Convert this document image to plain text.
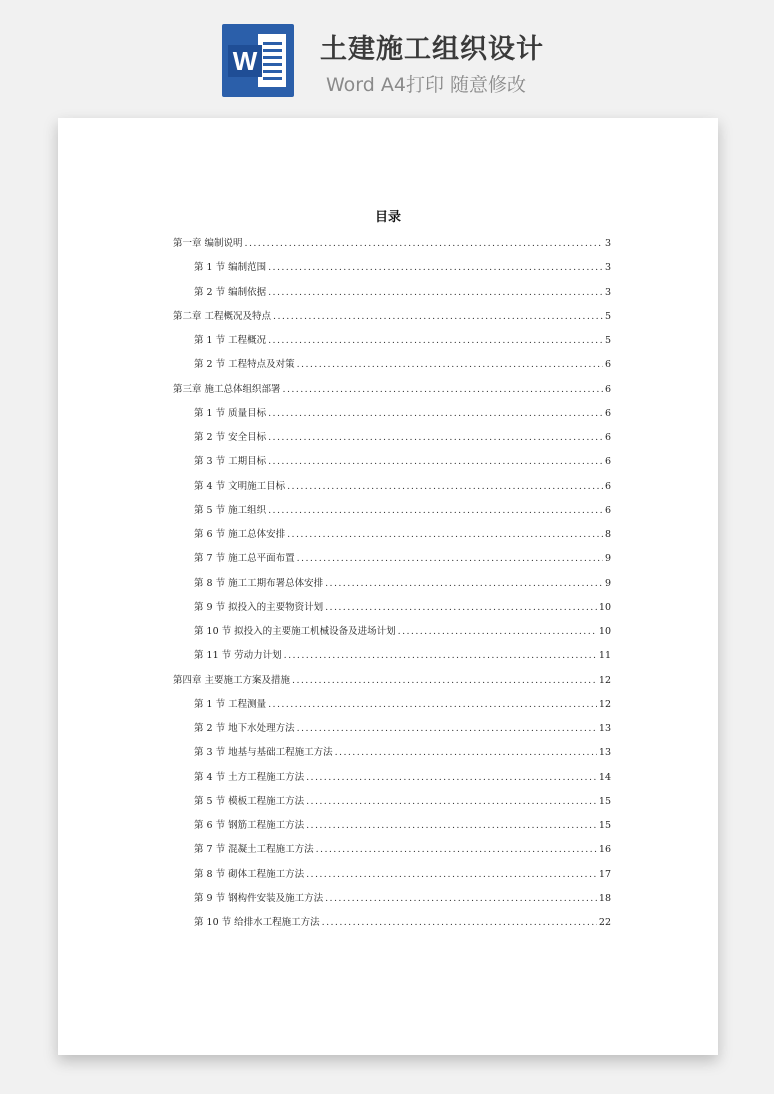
W 土建施工组织设计
Word A4打印 随意修改
目录
第一章 编制说明 .....	3
第 1 节 编制范围 .....	3
第 2 节 编制依据 .....	3
第二章 工程概况及特点 .....	5
第 1 节 工程概况 .....	5
第 2 节 工程特点及对策 .....	6
第三章 施工总体组织部署 .....	6
第 1 节 质量目标 .....	6
第 2 节 安全目标 .....	6
第 3 节 工期目标 .....	6
第 4 节 文明施工目标 .....	6
第 5 节 施工组织 .....	6
第 6 节 施工总体安排 .....	8
第 7 节 施工总平面布置 .....	9
第 8 节 施工工期布署总体安排 .....	9
第 9 节 拟投入的主要物资计划 .....	10
第 10 节 拟投入的主要施工机械设备及进场计划 .....	10
第 11 节 劳动力计划 .....	11
第四章 主要施工方案及措施 .....	12
第 1 节 工程测量 .....	12
第 2 节 地下水处理方法 .....	13
第 3 节 地基与基础工程施工方法 .....	13
第 4 节 土方工程施工方法 .....	14
第 5 节 模板工程施工方法 .....	15
第 6 节 钢筋工程施工方法 .....	15
第 7 节 混凝土工程施工方法 .....	16
第 8 节 砌体工程施工方法 .....	17
第 9 节 钢构件安装及施工方法 .....	18
第 10 节 给排水工程施工方法 .....	22
